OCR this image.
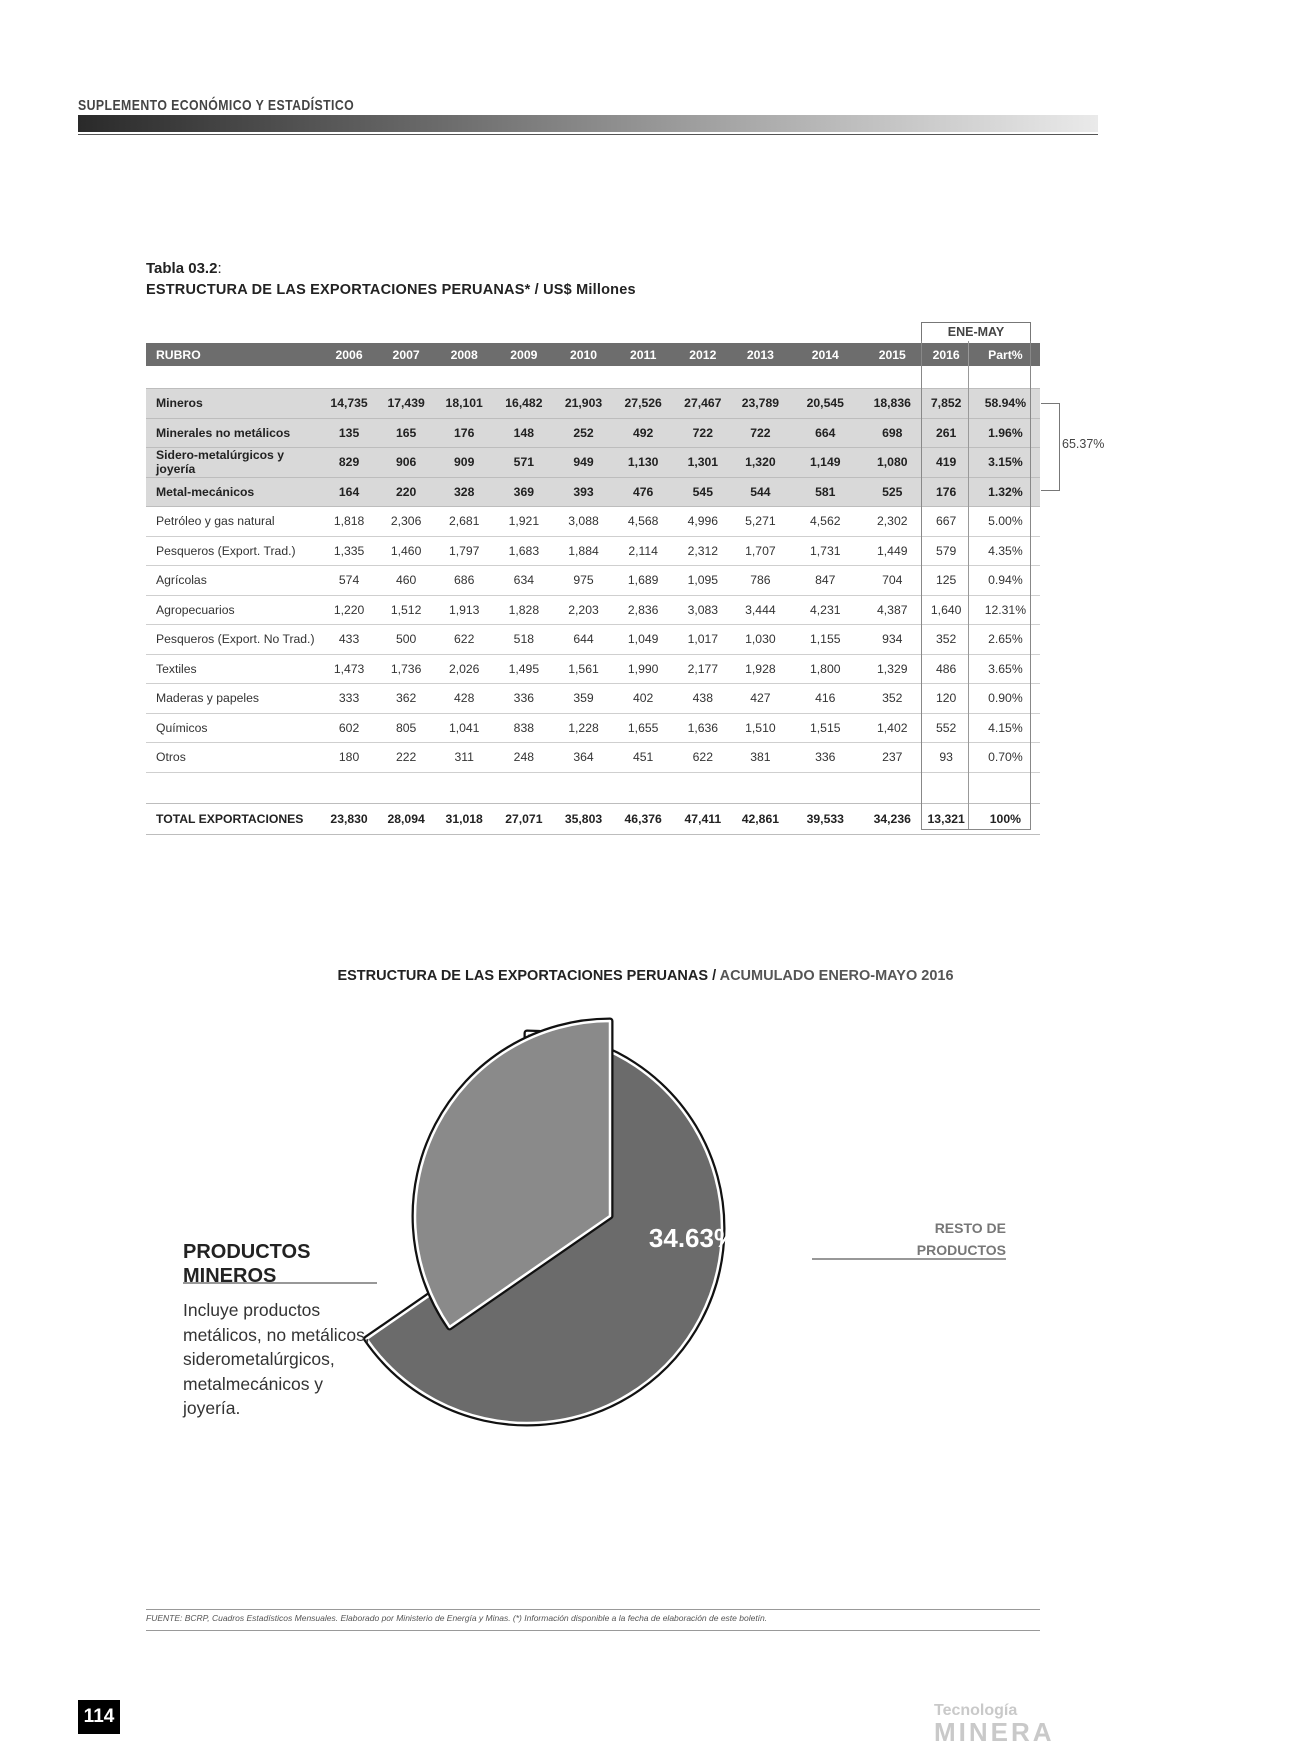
SUPLEMENTO ECONÓMICO Y ESTADÍSTICO
Tabla 03.2:
ESTRUCTURA DE LAS EXPORTACIONES PERUANAS* / US$ Millones
ENE-MAY
RUBRO	2006	2007	2008	2009	2010	2011	2012	2013	2014	2015	2016	Part%

Mineros	14,735	17,439	18,101	16,482	21,903	27,526	27,467	23,789	20,545	18,836	7,852	58.94%
Minerales no metálicos	135	165	176	148	252	492	722	722	664	698	261	1.96%
Sidero-metalúrgicos y joyería	829	906	909	571	949	1,130	1,301	1,320	1,149	1,080	419	3.15%
Metal-mecánicos	164	220	328	369	393	476	545	544	581	525	176	1.32%
Petróleo y gas natural	1,818	2,306	2,681	1,921	3,088	4,568	4,996	5,271	4,562	2,302	667	5.00%
Pesqueros (Export. Trad.)	1,335	1,460	1,797	1,683	1,884	2,114	2,312	1,707	1,731	1,449	579	4.35%
Agrícolas	574	460	686	634	975	1,689	1,095	786	847	704	125	0.94%
Agropecuarios	1,220	1,512	1,913	1,828	2,203	2,836	3,083	3,444	4,231	4,387	1,640	12.31%
Pesqueros (Export. No Trad.)	433	500	622	518	644	1,049	1,017	1,030	1,155	934	352	2.65%
Textiles	1,473	1,736	2,026	1,495	1,561	1,990	2,177	1,928	1,800	1,329	486	3.65%
Maderas y papeles	333	362	428	336	359	402	438	427	416	352	120	0.90%
Químicos	602	805	1,041	838	1,228	1,655	1,636	1,510	1,515	1,402	552	4.15%
Otros	180	222	311	248	364	451	622	381	336	237	93	0.70%

TOTAL EXPORTACIONES	23,830	28,094	31,018	27,071	35,803	46,376	47,411	42,861	39,533	34,236	13,321	100%

65.37%
ESTRUCTURA DE LAS EXPORTACIONES PERUANAS / ACUMULADO ENERO-MAYO 2016
34.63%
PRODUCTOS MINEROS
Incluye productos metálicos, no metálicos, siderometalúrgicos, metalmecánicos y joyería.
RESTO DE PRODUCTOS
FUENTE: BCRP, Cuadros Estadísticos Mensuales. Elaborado por Ministerio de Energía y Minas. (*) Información disponible a la fecha de elaboración de este boletín.
114	Tecnología
MINERA
